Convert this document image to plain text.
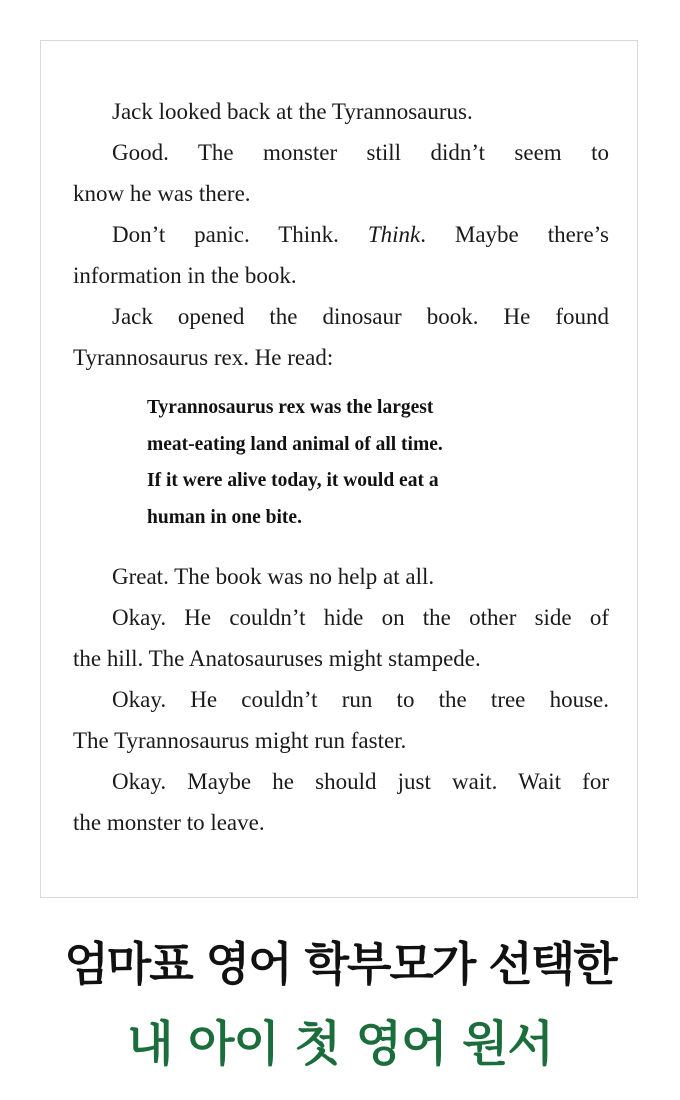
Jack looked back at the Tyrannosaurus.
Good. The monster still didn’t seem to
know he was there.
Don’t panic. Think. Think. Maybe there’s
information in the book.
Jack opened the dinosaur book. He found
Tyrannosaurus rex. He read:
Tyrannosaurus rex was the largest
meat-eating land animal of all time.
If it were alive today, it would eat a
human in one bite.
Great. The book was no help at all.
Okay. He couldn’t hide on the other side of
the hill. The Anatosauruses might stampede.
Okay. He couldn’t run to the tree house.
The Tyrannosaurus might run faster.
Okay. Maybe he should just wait. Wait for
the monster to leave.
엄마표 영어 학부모가 선택한
내 아이 첫 영어 원서
